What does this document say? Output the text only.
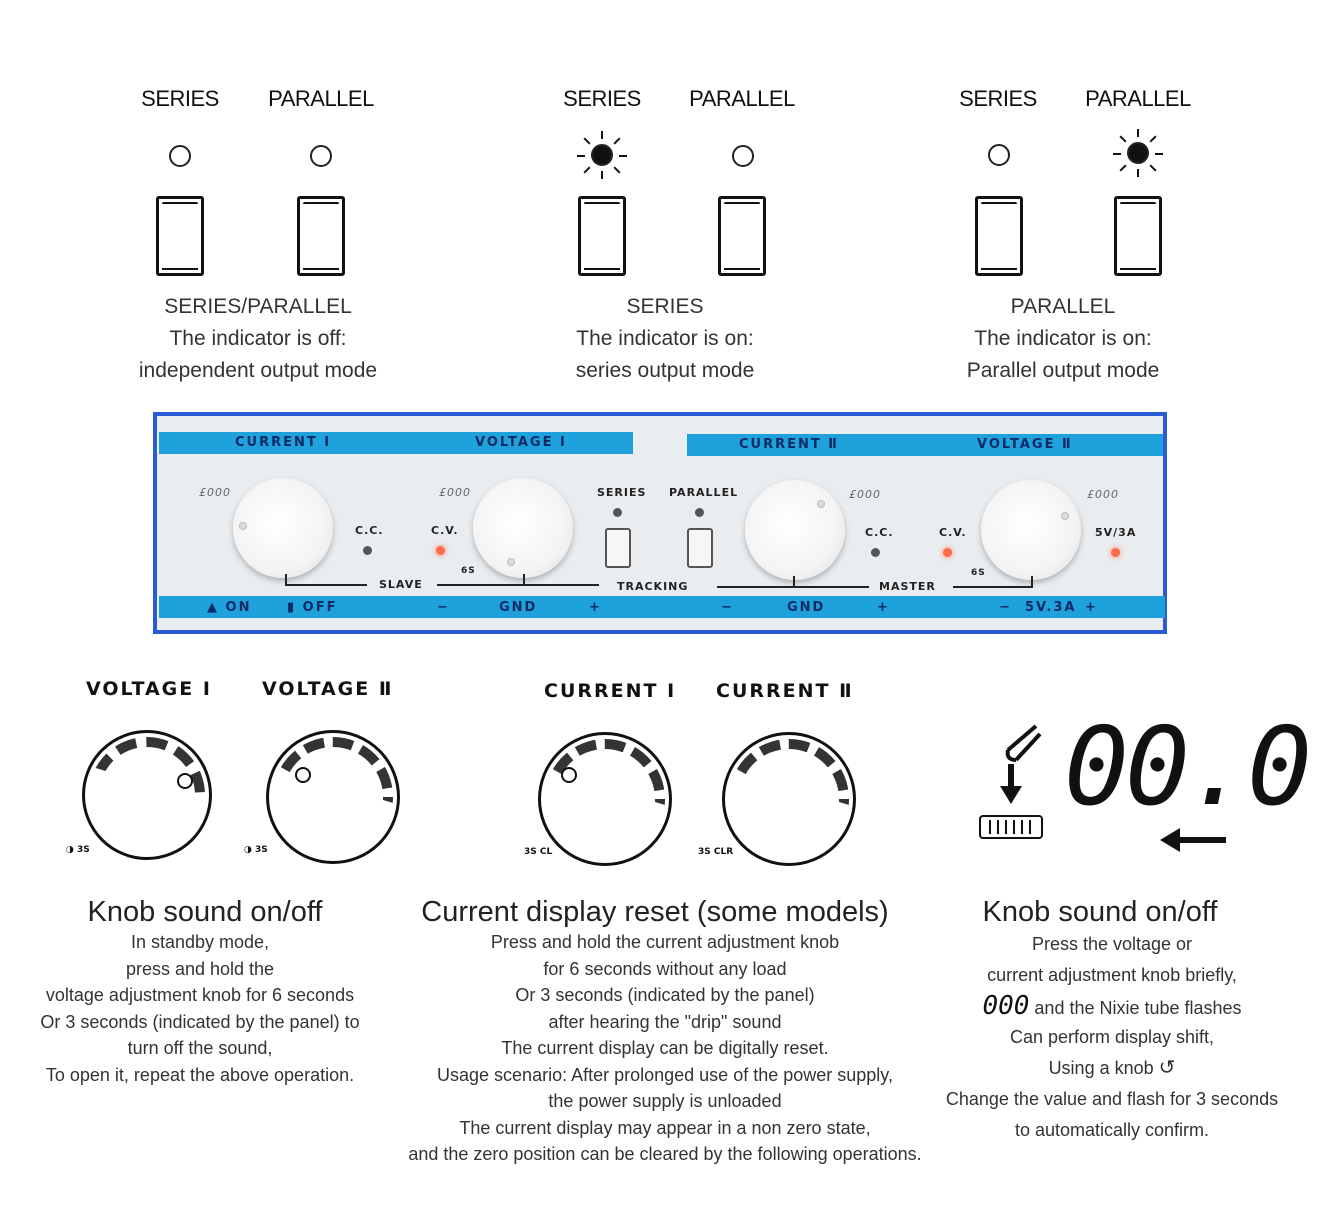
SERIES	PARALLEL
SERIES/PARALLEL
The indicator is off:
independent output mode
SERIES	PARALLEL
SERIES
The indicator is on:
series output mode
SERIES	PARALLEL
PARALLEL
The indicator is on:
Parallel output mode
CURRENT Ⅰ	VOLTAGE Ⅰ	CURRENT Ⅱ	VOLTAGE Ⅱ
£000	£000	£000	£000
C.C.	C.V.
SERIES PARALLEL
C.C.	C.V.	5V/3A
6S	6S
SLAVE	TRACKING	MASTER
▲ ON	▮ OFF	−	GND	+	−	GND	+	− 5V.3A +
VOLTAGE Ⅰ	VOLTAGE Ⅱ	CURRENT Ⅰ CURRENT Ⅱ
◑ 3S	◑ 3S	3S CL	3S CLR
00.0
Knob sound on/off
In standby mode,
press and hold the
voltage adjustment knob for 6 seconds
Or 3 seconds (indicated by the panel) to
turn off the sound,
To open it, repeat the above operation.
Current display reset (some models)
Press and hold the current adjustment knob
for 6 seconds without any load
Or 3 seconds (indicated by the panel)
after hearing the "drip" sound
The current display can be digitally reset.
Usage scenario: After prolonged use of the power supply,
the power supply is unloaded
The current display may appear in a non zero state,
and the zero position can be cleared by the following operations.
Knob sound on/off
Press the voltage or
current adjustment knob briefly,
000 and the Nixie tube flashes
Can perform display shift,
Using a knob ↺
Change the value and flash for 3 seconds
to automatically confirm.
